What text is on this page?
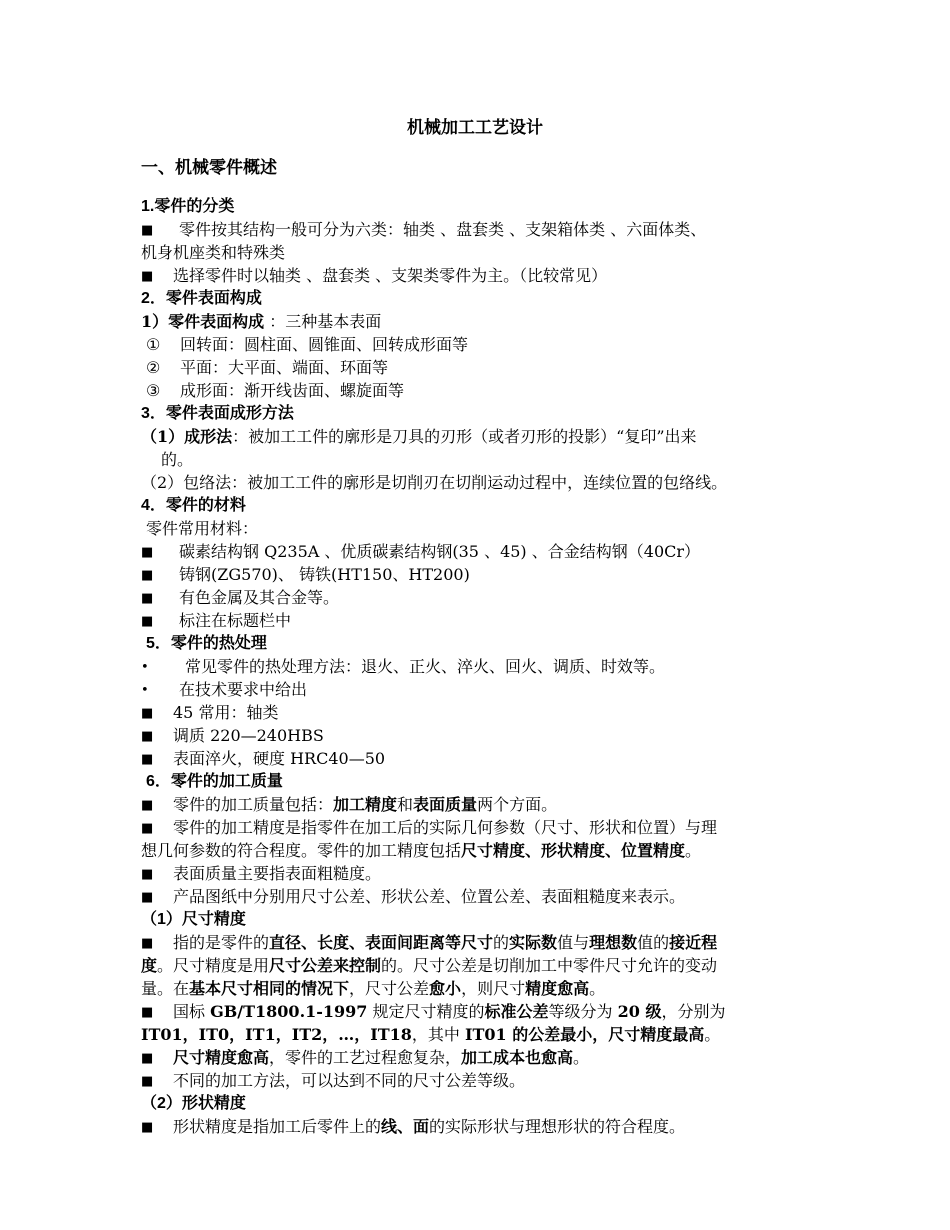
机械加工工艺设计
一、机械零件概述
1.零件的分类
■ 零件按其结构一般可分为六类：轴类 、盘套类 、支架箱体类 、六面体类、
机身机座类和特殊类
■ 选择零件时以轴类 、盘套类 、支架类零件为主。（比较常见）
2．零件表面构成
1）零件表面构成 ：三种基本表面
① 回转面：圆柱面、圆锥面、回转成形面等
② 平面：大平面、端面、环面等
③ 成形面：渐开线齿面、螺旋面等
3．零件表面成形方法
（1）成形法：被加工工件的廓形是刀具的刃形（或者刃形的投影）“复印”出来
的。
（2）包络法：被加工工件的廓形是切削刃在切削运动过程中，连续位置的包络线。
4．零件的材料
零件常用材料：
■ 碳素结构钢 Q235A 、优质碳素结构钢(35 、45) 、合金结构钢（40Cr）
■ 铸钢(ZG570)、 铸铁(HT150、HT200)
■ 有色金属及其合金等。
■ 标注在标题栏中
5．零件的热处理
• 常见零件的热处理方法：退火、正火、淬火、回火、调质、时效等。
• 在技术要求中给出
■ 45 常用：轴类
■ 调质 220—240HBS
■ 表面淬火，硬度 HRC40—50
6．零件的加工质量
■ 零件的加工质量包括：加工精度和表面质量两个方面。
■ 零件的加工精度是指零件在加工后的实际几何参数（尺寸、形状和位置）与理
想几何参数的符合程度。零件的加工精度包括尺寸精度、形状精度、位置精度。
■ 表面质量主要指表面粗糙度。
■ 产品图纸中分别用尺寸公差、形状公差、位置公差、表面粗糙度来表示。
（1）尺寸精度
■ 指的是零件的直径、长度、表面间距离等尺寸的实际数值与理想数值的接近程
度。尺寸精度是用尺寸公差来控制的。尺寸公差是切削加工中零件尺寸允许的变动
量。在基本尺寸相同的情况下，尺寸公差愈小，则尺寸精度愈高。
■ 国标 GB/T1800.1-1997 规定尺寸精度的标准公差等级分为 20 级，分别为
IT01，IT0，IT1，IT2，…，IT18，其中 IT01 的公差最小，尺寸精度最高。
■ 尺寸精度愈高，零件的工艺过程愈复杂，加工成本也愈高。
■ 不同的加工方法，可以达到不同的尺寸公差等级。
（2）形状精度
■ 形状精度是指加工后零件上的线、面的实际形状与理想形状的符合程度。
